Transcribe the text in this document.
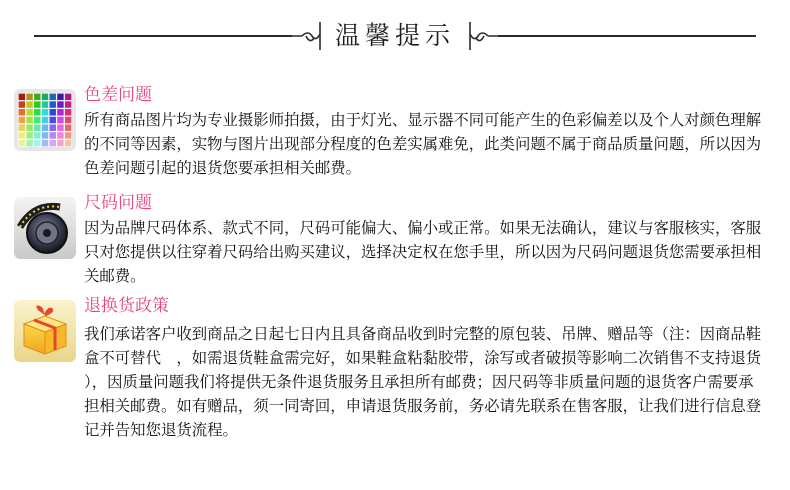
温馨提示
色差问题
所有商品图片均为专业摄影师拍摄，由于灯光、显示器不同可能产生的色彩偏差以及个人对颜色理解
的不同等因素，实物与图片出现部分程度的色差实属难免，此类问题不属于商品质量问题，所以因为
色差问题引起的退货您要承担相关邮费。
尺码问题
因为品牌尺码体系、款式不同，尺码可能偏大、偏小或正常。如果无法确认，建议与客服核实，客服
只对您提供以往穿着尺码给出购买建议，选择决定权在您手里，所以因为尺码问题退货您需要承担相
关邮费。
退换货政策
我们承诺客户收到商品之日起七日内且具备商品收到时完整的原包装、吊牌、赠品等（注：因商品鞋
盒不可替代　，如需退货鞋盒需完好，如果鞋盒粘黏胶带，涂写或者破损等影响二次销售不支持退货
），因质量问题我们将提供无条件退货服务且承担所有邮费；因尺码等非质量问题的退货客户需要承
担相关邮费。如有赠品，须一同寄回，申请退货服务前，务必请先联系在售客服，让我们进行信息登
记并告知您退货流程。
